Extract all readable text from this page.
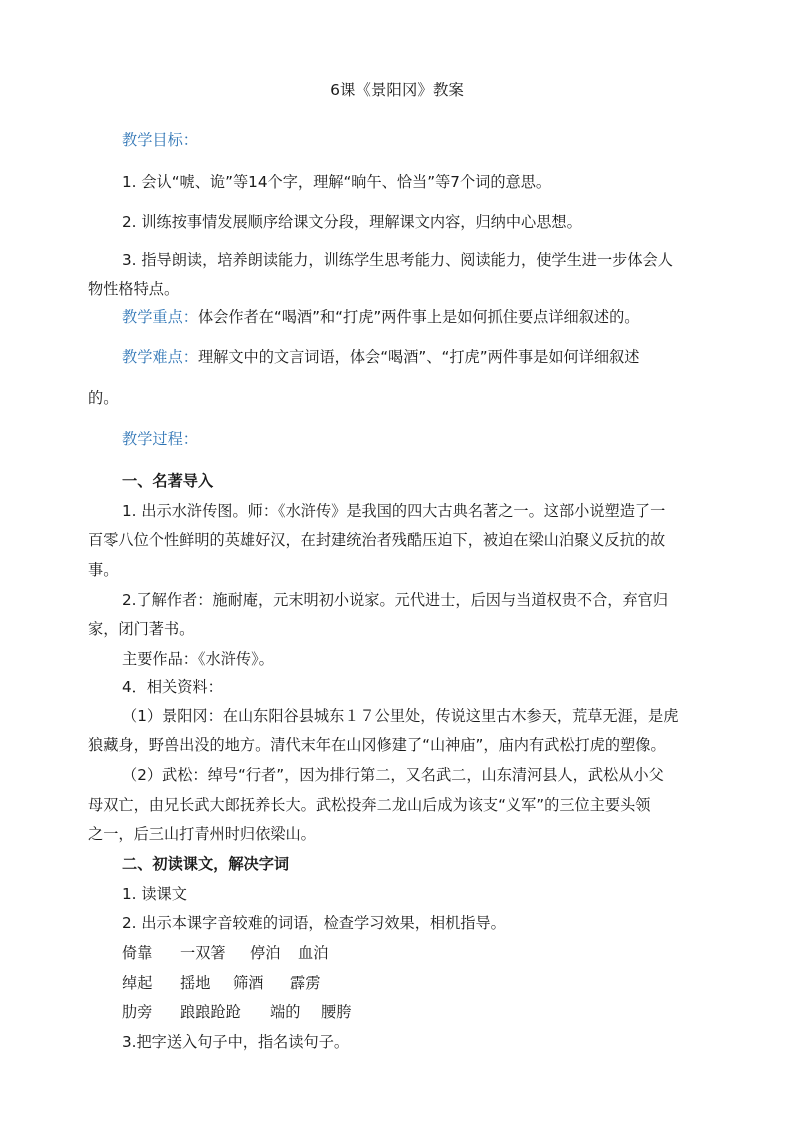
6课《景阳冈》教案
教学目标：
1. 会认“唬、诡”等14个字，理解“晌午、恰当”等7个词的意思。
2. 训练按事情发展顺序给课文分段，理解课文内容，归纳中心思想。
3. 指导朗读，培养朗读能力，训练学生思考能力、阅读能力，使学生进一步体会人
物性格特点。
教学重点：体会作者在“喝酒”和“打虎”两件事上是如何抓住要点详细叙述的。
教学难点：理解文中的文言词语，体会“喝酒”、“打虎”两件事是如何详细叙述
的。
教学过程：
一、名著导入
1. 出示水浒传图。师：《水浒传》是我国的四大古典名著之一。这部小说塑造了一
百零八位个性鲜明的英雄好汉，在封建统治者残酷压迫下，被迫在梁山泊聚义反抗的故
事。
2.了解作者：施耐庵，元末明初小说家。元代进士，后因与当道权贵不合，弃官归
家，闭门著书。
主要作品：《水浒传》。
4．相关资料：
（1）景阳冈：在山东阳谷县城东１７公里处，传说这里古木参天，荒草无涯，是虎
狼藏身，野兽出没的地方。清代末年在山冈修建了“山神庙”，庙内有武松打虎的塑像。
（2）武松：绰号“行者”，因为排行第二，又名武二，山东清河县人，武松从小父
母双亡，由兄长武大郎抚养长大。武松投奔二龙山后成为该支“义军”的三位主要头领
之一，后三山打青州时归依梁山。
二、初读课文，解决字词
1. 读课文
2. 出示本课字音较难的词语，检查学习效果，相机指导。
倚靠 一双箸 停泊 血泊
绰起 揺地 筛酒 霹雳
肋旁 踉踉跄跄 端的 腰胯
3.把字送入句子中，指名读句子。
